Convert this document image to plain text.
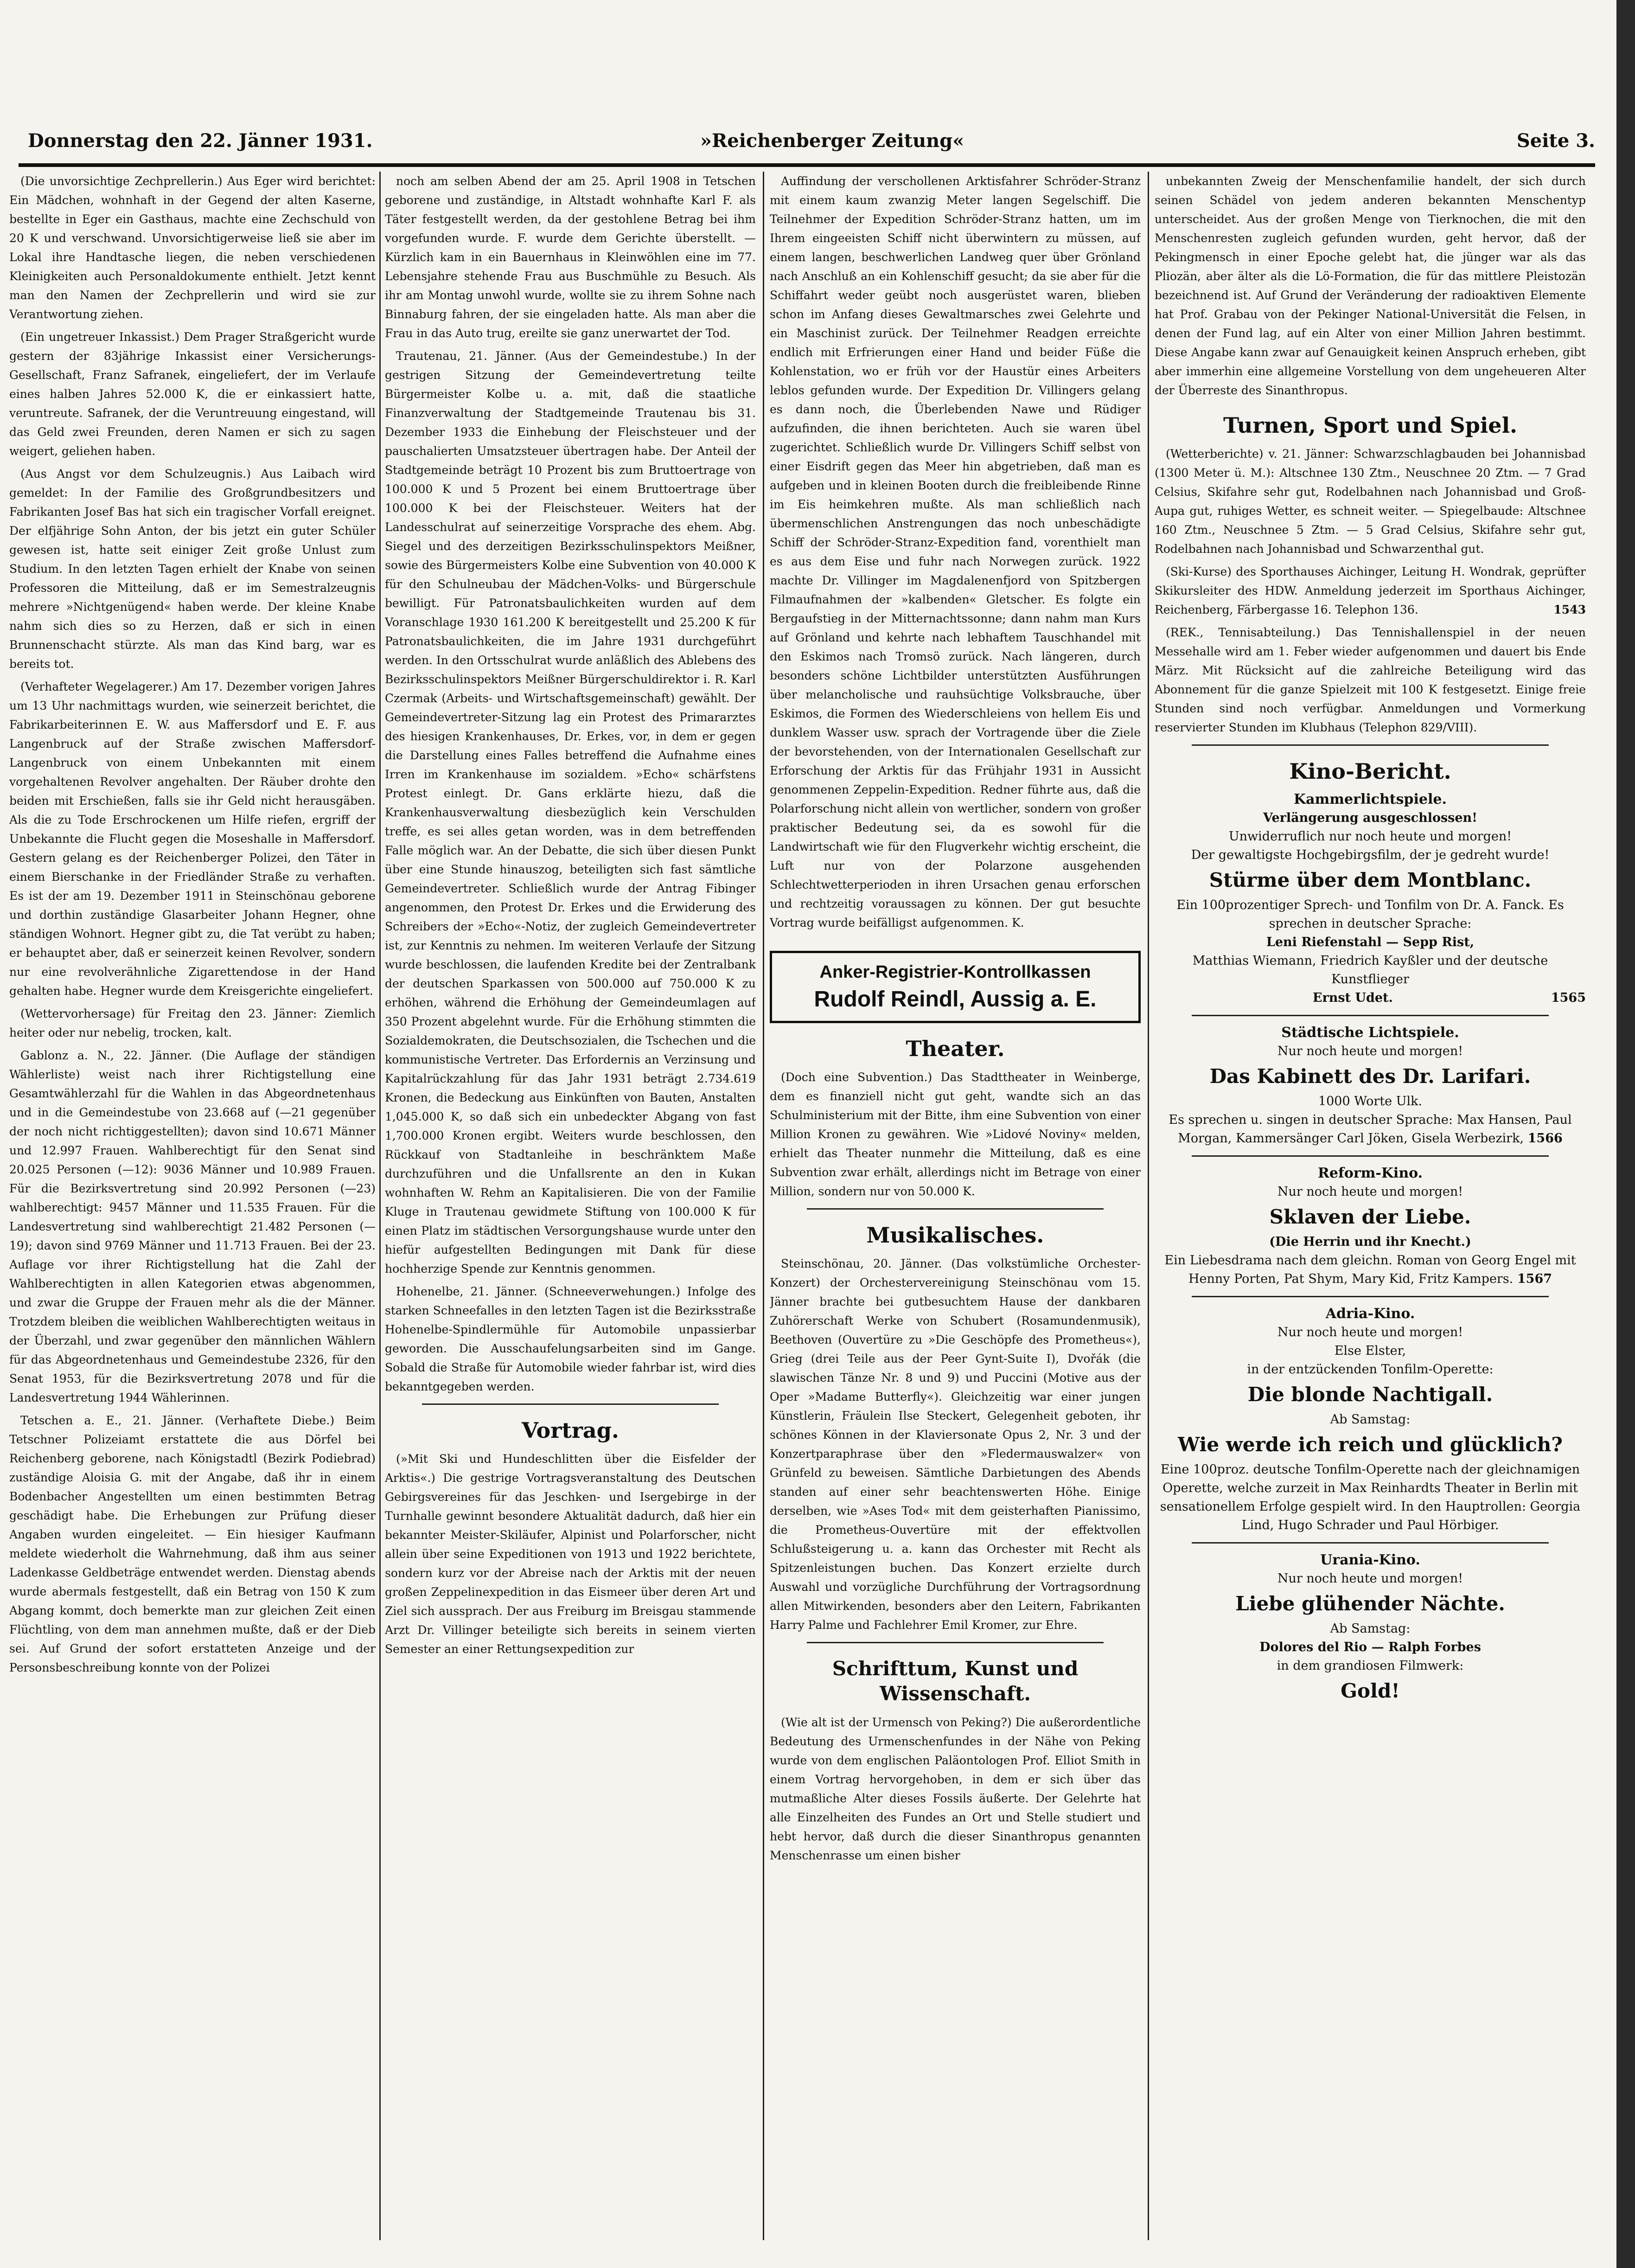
Donnerstag den 22. Jänner 1931.	»Reichenberger Zeitung«	Seite 3.

(Die unvorsichtige Zechprellerin.) Aus Eger wird berichtet: Ein Mädchen, wohnhaft in der Gegend der alten Kaserne, bestellte in Eger ein Gasthaus, machte eine Zechschuld von 20 K und verschwand. Unvorsichtigerweise ließ sie aber im Lokal ihre Handtasche liegen, die neben verschiedenen Kleinigkeiten auch Personaldokumente enthielt. Jetzt kennt man den Namen der Zechprellerin und wird sie zur Verantwortung ziehen.

(Ein ungetreuer Inkassist.) Dem Prager Straßgericht wurde gestern der 83jährige Inkassist einer Versicherungs-Gesellschaft, Franz Safranek, eingeliefert, der im Verlaufe eines halben Jahres 52.000 K, die er einkassiert hatte, veruntreute. Safranek, der die Veruntreuung eingestand, will das Geld zwei Freunden, deren Namen er sich zu sagen weigert, geliehen haben.

(Aus Angst vor dem Schulzeugnis.) Aus Laibach wird gemeldet: In der Familie des Großgrundbesitzers und Fabrikanten Josef Bas hat sich ein tragischer Vorfall ereignet. Der elfjährige Sohn Anton, der bis jetzt ein guter Schüler gewesen ist, hatte seit einiger Zeit große Unlust zum Studium. In den letzten Tagen erhielt der Knabe von seinen Professoren die Mitteilung, daß er im Semestralzeugnis mehrere »Nichtgenügend« haben werde. Der kleine Knabe nahm sich dies so zu Herzen, daß er sich in einen Brunnenschacht stürzte. Als man das Kind barg, war es bereits tot.

(Verhafteter Wegelagerer.) Am 17. Dezember vorigen Jahres um 13 Uhr nachmittags wurden, wie seinerzeit berichtet, die Fabrikarbeiterinnen E. W. aus Maffersdorf und E. F. aus Langenbruck auf der Straße zwischen Maffersdorf-Langenbruck von einem Unbekannten mit einem vorgehaltenen Revolver angehalten. Der Räuber drohte den beiden mit Erschießen, falls sie ihr Geld nicht herausgäben. Als die zu Tode Erschrockenen um Hilfe riefen, ergriff der Unbekannte die Flucht gegen die Moseshalle in Maffersdorf. Gestern gelang es der Reichenberger Polizei, den Täter in einem Bierschanke in der Friedländer Straße zu verhaften. Es ist der am 19. Dezember 1911 in Steinschönau geborene und dorthin zuständige Glasarbeiter Johann Hegner, ohne ständigen Wohnort. Hegner gibt zu, die Tat verübt zu haben; er behauptet aber, daß er seinerzeit keinen Revolver, sondern nur eine revolverähnliche Zigarettendose in der Hand gehalten habe. Hegner wurde dem Kreisgerichte eingeliefert.

(Wettervorhersage) für Freitag den 23. Jänner: Ziemlich heiter oder nur nebelig, trocken, kalt.

Gablonz a. N., 22. Jänner. (Die Auflage der ständigen Wählerliste) weist nach ihrer Richtigstellung eine Gesamtwählerzahl für die Wahlen in das Abgeordnetenhaus und in die Gemeindestube von 23.668 auf (—21 gegenüber der noch nicht richtiggestellten); davon sind 10.671 Männer und 12.997 Frauen. Wahlberechtigt für den Senat sind 20.025 Personen (—12): 9036 Männer und 10.989 Frauen. Für die Bezirksvertretung sind 20.992 Personen (—23) wahlberechtigt: 9457 Männer und 11.535 Frauen. Für die Landesvertretung sind wahlberechtigt 21.482 Personen (—19); davon sind 9769 Männer und 11.713 Frauen. Bei der 23. Auflage vor ihrer Richtigstellung hat die Zahl der Wahlberechtigten in allen Kategorien etwas abgenommen, und zwar die Gruppe der Frauen mehr als die der Männer. Trotzdem bleiben die weiblichen Wahlberechtigten weitaus in der Überzahl, und zwar gegenüber den männlichen Wählern für das Abgeordnetenhaus und Gemeindestube 2326, für den Senat 1953, für die Bezirksvertretung 2078 und für die Landesvertretung 1944 Wählerinnen.

Tetschen a. E., 21. Jänner. (Verhaftete Diebe.) Beim Tetschner Polizeiamt erstattete die aus Dörfel bei Reichenberg geborene, nach Königstadtl (Bezirk Podiebrad) zuständige Aloisia G. mit der Angabe, daß ihr in einem Bodenbacher Angestellten um einen bestimmten Betrag geschädigt habe. Die Erhebungen zur Prüfung dieser Angaben wurden eingeleitet. — Ein hiesiger Kaufmann meldete wiederholt die Wahrnehmung, daß ihm aus seiner Ladenkasse Geldbeträge entwendet werden. Dienstag abends wurde abermals festgestellt, daß ein Betrag von 150 K zum Abgang kommt, doch bemerkte man zur gleichen Zeit einen Flüchtling, von dem man annehmen mußte, daß er der Dieb sei. Auf Grund der sofort erstatteten Anzeige und der Personsbeschreibung konnte von der Polizei

noch am selben Abend der am 25. April 1908 in Tetschen geborene und zuständige, in Altstadt wohnhafte Karl F. als Täter festgestellt werden, da der gestohlene Betrag bei ihm vorgefunden wurde. F. wurde dem Gerichte überstellt. — Kürzlich kam in ein Bauernhaus in Kleinwöhlen eine im 77. Lebensjahre stehende Frau aus Buschmühle zu Besuch. Als ihr am Montag unwohl wurde, wollte sie zu ihrem Sohne nach Binnaburg fahren, der sie eingeladen hatte. Als man aber die Frau in das Auto trug, ereilte sie ganz unerwartet der Tod.

Trautenau, 21. Jänner. (Aus der Gemeindestube.) In der gestrigen Sitzung der Gemeindevertretung teilte Bürgermeister Kolbe u. a. mit, daß die staatliche Finanzverwaltung der Stadtgemeinde Trautenau bis 31. Dezember 1933 die Einhebung der Fleischsteuer und der pauschalierten Umsatzsteuer übertragen habe. Der Anteil der Stadtgemeinde beträgt 10 Prozent bis zum Bruttoertrage von 100.000 K und 5 Prozent bei einem Bruttoertrage über 100.000 K bei der Fleischsteuer. Weiters hat der Landesschulrat auf seinerzeitige Vorsprache des ehem. Abg. Siegel und des derzeitigen Bezirksschulinspektors Meißner, sowie des Bürgermeisters Kolbe eine Subvention von 40.000 K für den Schulneubau der Mädchen-Volks- und Bürgerschule bewilligt. Für Patronatsbaulichkeiten wurden auf dem Voranschlage 1930 161.200 K bereitgestellt und 25.200 K für Patronatsbaulichkeiten, die im Jahre 1931 durchgeführt werden. In den Ortsschulrat wurde anläßlich des Ablebens des Bezirksschulinspektors Meißner Bürgerschuldirektor i. R. Karl Czermak (Arbeits- und Wirtschaftsgemeinschaft) gewählt. Der Gemeindevertreter-Sitzung lag ein Protest des Primararztes des hiesigen Krankenhauses, Dr. Erkes, vor, in dem er gegen die Darstellung eines Falles betreffend die Aufnahme eines Irren im Krankenhause im sozialdem. »Echo« schärfstens Protest einlegt. Dr. Gans erklärte hiezu, daß die Krankenhausverwaltung diesbezüglich kein Verschulden treffe, es sei alles getan worden, was in dem betreffenden Falle möglich war. An der Debatte, die sich über diesen Punkt über eine Stunde hinauszog, beteiligten sich fast sämtliche Gemeindevertreter. Schließlich wurde der Antrag Fibinger angenommen, den Protest Dr. Erkes und die Erwiderung des Schreibers der »Echo«-Notiz, der zugleich Gemeindevertreter ist, zur Kenntnis zu nehmen. Im weiteren Verlaufe der Sitzung wurde beschlossen, die laufenden Kredite bei der Zentralbank der deutschen Sparkassen von 500.000 auf 750.000 K zu erhöhen, während die Erhöhung der Gemeindeumlagen auf 350 Prozent abgelehnt wurde. Für die Erhöhung stimmten die Sozialdemokraten, die Deutschsozialen, die Tschechen und die kommunistische Vertreter. Das Erfordernis an Verzinsung und Kapitalrückzahlung für das Jahr 1931 beträgt 2.734.619 Kronen, die Bedeckung aus Einkünften von Bauten, Anstalten 1,045.000 K, so daß sich ein unbedeckter Abgang von fast 1,700.000 Kronen ergibt. Weiters wurde beschlossen, den Rückkauf von Stadtanleihe in beschränktem Maße durchzuführen und die Unfallsrente an den in Kukan wohnhaften W. Rehm an Kapitalisieren. Die von der Familie Kluge in Trautenau gewidmete Stiftung von 100.000 K für einen Platz im städtischen Versorgungshause wurde unter den hiefür aufgestellten Bedingungen mit Dank für diese hochherzige Spende zur Kenntnis genommen.

Hohenelbe, 21. Jänner. (Schneeverwehungen.) Infolge des starken Schneefalles in den letzten Tagen ist die Bezirksstraße Hohenelbe-Spindlermühle für Automobile unpassierbar geworden. Die Ausschaufelungsarbeiten sind im Gange. Sobald die Straße für Automobile wieder fahrbar ist, wird dies bekanntgegeben werden.

Vortrag.

(»Mit Ski und Hundeschlitten über die Eisfelder der Arktis«.) Die gestrige Vortragsveranstaltung des Deutschen Gebirgsvereines für das Jeschken- und Isergebirge in der Turnhalle gewinnt besondere Aktualität dadurch, daß hier ein bekannter Meister-Skiläufer, Alpinist und Polarforscher, nicht allein über seine Expeditionen von 1913 und 1922 berichtete, sondern kurz vor der Abreise nach der Arktis mit der neuen großen Zeppelinexpedition in das Eismeer über deren Art und Ziel sich aussprach. Der aus Freiburg im Breisgau stammende Arzt Dr. Villinger beteiligte sich bereits in seinem vierten Semester an einer Rettungsexpedition zur

Auffindung der verschollenen Arktisfahrer Schröder-Stranz mit einem kaum zwanzig Meter langen Segelschiff. Die Teilnehmer der Expedition Schröder-Stranz hatten, um im Ihrem eingeeisten Schiff nicht überwintern zu müssen, auf einem langen, beschwerlichen Landweg quer über Grönland nach Anschluß an ein Kohlenschiff gesucht; da sie aber für die Schiffahrt weder geübt noch ausgerüstet waren, blieben schon im Anfang dieses Gewaltmarsches zwei Gelehrte und ein Maschinist zurück. Der Teilnehmer Readgen erreichte endlich mit Erfrierungen einer Hand und beider Füße die Kohlenstation, wo er früh vor der Haustür eines Arbeiters leblos gefunden wurde. Der Expedition Dr. Villingers gelang es dann noch, die Überlebenden Nawe und Rüdiger aufzufinden, die ihnen berichteten. Auch sie waren übel zugerichtet. Schließlich wurde Dr. Villingers Schiff selbst von einer Eisdrift gegen das Meer hin abgetrieben, daß man es aufgeben und in kleinen Booten durch die freibleibende Rinne im Eis heimkehren mußte. Als man schließlich nach übermenschlichen Anstrengungen das noch unbeschädigte Schiff der Schröder-Stranz-Expedition fand, vorenthielt man es aus dem Eise und fuhr nach Norwegen zurück. 1922 machte Dr. Villinger im Magdalenenfjord von Spitzbergen Filmaufnahmen der »kalbenden« Gletscher. Es folgte ein Bergaufstieg in der Mitternachtssonne; dann nahm man Kurs auf Grönland und kehrte nach lebhaftem Tauschhandel mit den Eskimos nach Tromsö zurück. Nach längeren, durch besonders schöne Lichtbilder unterstützten Ausführungen über melancholische und rauhsüchtige Volksbrauche, über Eskimos, die Formen des Wiederschleiens von hellem Eis und dunklem Wasser usw. sprach der Vortragende über die Ziele der bevorstehenden, von der Internationalen Gesellschaft zur Erforschung der Arktis für das Frühjahr 1931 in Aussicht genommenen Zeppelin-Expedition. Redner führte aus, daß die Polarforschung nicht allein von wertlicher, sondern von großer praktischer Bedeutung sei, da es sowohl für die Landwirtschaft wie für den Flugverkehr wichtig erscheint, die Luft nur von der Polarzone ausgehenden Schlechtwetterperioden in ihren Ursachen genau erforschen und rechtzeitig voraussagen zu können. Der gut besuchte Vortrag wurde beifälligst aufgenommen. K.

Anker-Registrier-Kontrollkassen
Rudolf Reindl, Aussig a. E.
Theater.

(Doch eine Subvention.) Das Stadttheater in Weinberge, dem es finanziell nicht gut geht, wandte sich an das Schulministerium mit der Bitte, ihm eine Subvention von einer Million Kronen zu gewähren. Wie »Lidové Noviny« melden, erhielt das Theater nunmehr die Mitteilung, daß es eine Subvention zwar erhält, allerdings nicht im Betrage von einer Million, sondern nur von 50.000 K.

Musikalisches.

Steinschönau, 20. Jänner. (Das volkstümliche Orchester-Konzert) der Orchestervereinigung Steinschönau vom 15. Jänner brachte bei gutbesuchtem Hause der dankbaren Zuhörerschaft Werke von Schubert (Rosamundenmusik), Beethoven (Ouvertüre zu »Die Geschöpfe des Prometheus«), Grieg (drei Teile aus der Peer Gynt-Suite I), Dvořák (die slawischen Tänze Nr. 8 und 9) und Puccini (Motive aus der Oper »Madame Butterfly«). Gleichzeitig war einer jungen Künstlerin, Fräulein Ilse Steckert, Gelegenheit geboten, ihr schönes Können in der Klaviersonate Opus 2, Nr. 3 und der Konzertparaphrase über den »Fledermauswalzer« von Grünfeld zu beweisen. Sämtliche Darbietungen des Abends standen auf einer sehr beachtenswerten Höhe. Einige derselben, wie »Ases Tod« mit dem geisterhaften Pianissimo, die Prometheus-Ouvertüre mit der effektvollen Schlußsteigerung u. a. kann das Orchester mit Recht als Spitzenleistungen buchen. Das Konzert erzielte durch Auswahl und vorzügliche Durchführung der Vortragsordnung allen Mitwirkenden, besonders aber den Leitern, Fabrikanten Harry Palme und Fachlehrer Emil Kromer, zur Ehre.

Schrifttum, Kunst und Wissenschaft.

(Wie alt ist der Urmensch von Peking?) Die außerordentliche Bedeutung des Urmenschenfundes in der Nähe von Peking wurde von dem englischen Paläontologen Prof. Elliot Smith in einem Vortrag hervorgehoben, in dem er sich über das mutmaßliche Alter dieses Fossils äußerte. Der Gelehrte hat alle Einzelheiten des Fundes an Ort und Stelle studiert und hebt hervor, daß durch die dieser Sinanthropus genannten Menschenrasse um einen bisher

unbekannten Zweig der Menschenfamilie handelt, der sich durch seinen Schädel von jedem anderen bekannten Menschentyp unterscheidet. Aus der großen Menge von Tierknochen, die mit den Menschenresten zugleich gefunden wurden, geht hervor, daß der Pekingmensch in einer Epoche gelebt hat, die jünger war als das Pliozän, aber älter als die Lö-Formation, die für das mittlere Pleistozän bezeichnend ist. Auf Grund der Veränderung der radioaktiven Elemente hat Prof. Grabau von der Pekinger National-Universität die Felsen, in denen der Fund lag, auf ein Alter von einer Million Jahren bestimmt. Diese Angabe kann zwar auf Genauigkeit keinen Anspruch erheben, gibt aber immerhin eine allgemeine Vorstellung von dem ungeheueren Alter der Überreste des Sinanthropus.

Turnen, Sport und Spiel.

(Wetterberichte) v. 21. Jänner: Schwarzschlagbauden bei Johannisbad (1300 Meter ü. M.): Altschnee 130 Ztm., Neuschnee 20 Ztm. — 7 Grad Celsius, Skifahre sehr gut, Rodelbahnen nach Johannisbad und Groß-Aupa gut, ruhiges Wetter, es schneit weiter. — Spiegelbaude: Altschnee 160 Ztm., Neuschnee 5 Ztm. — 5 Grad Celsius, Skifahre sehr gut, Rodelbahnen nach Johannisbad und Schwarzenthal gut.

(Ski-Kurse) des Sporthauses Aichinger, Leitung H. Wondrak, geprüfter Skikursleiter des HDW. Anmeldung jederzeit im Sporthaus Aichinger, Reichenberg, Färbergasse 16. Telephon 136.	1543

(REK., Tennisabteilung.) Das Tennishallenspiel in der neuen Messehalle wird am 1. Feber wieder aufgenommen und dauert bis Ende März. Mit Rücksicht auf die zahlreiche Beteiligung wird das Abonnement für die ganze Spielzeit mit 100 K festgesetzt. Einige freie Stunden sind noch verfügbar. Anmeldungen und Vormerkung reservierter Stunden im Klubhaus (Telephon 829/VIII).

Kino-Bericht.
Kammerlichtspiele.
Verlängerung ausgeschlossen!
Unwiderruflich nur noch heute und morgen!
Der gewaltigste Hochgebirgsfilm, der je gedreht wurde!
Stürme über dem Montblanc.
Ein 100prozentiger Sprech- und Tonfilm von Dr. A. Fanck. Es sprechen in deutscher Sprache:
Leni Riefenstahl — Sepp Rist,
Matthias Wiemann, Friedrich Kayßler und der deutsche Kunstflieger
Ernst Udet.	1565
Städtische Lichtspiele.
Nur noch heute und morgen!
Das Kabinett des Dr. Larifari.
1000 Worte Ulk.
Es sprechen u. singen in deutscher Sprache: Max Hansen, Paul Morgan, Kammersänger Carl Jöken, Gisela Werbezirk, 1566
Reform-Kino.
Nur noch heute und morgen!
Sklaven der Liebe.
(Die Herrin und ihr Knecht.)
Ein Liebesdrama nach dem gleichn. Roman von Georg Engel mit Henny Porten, Pat Shym, Mary Kid, Fritz Kampers. 1567
Adria-Kino.
Nur noch heute und morgen!
Else Elster,
in der entzückenden Tonfilm-Operette:
Die blonde Nachtigall.
Ab Samstag:
Wie werde ich reich und glücklich?
Eine 100proz. deutsche Tonfilm-Operette nach der gleichnamigen Operette, welche zurzeit in Max Reinhardts Theater in Berlin mit sensationellem Erfolge gespielt wird. In den Hauptrollen: Georgia Lind, Hugo Schrader und Paul Hörbiger.
Urania-Kino.
Nur noch heute und morgen!
Liebe glühender Nächte.
Ab Samstag:
Dolores del Rio — Ralph Forbes
in dem grandiosen Filmwerk:
Gold!
